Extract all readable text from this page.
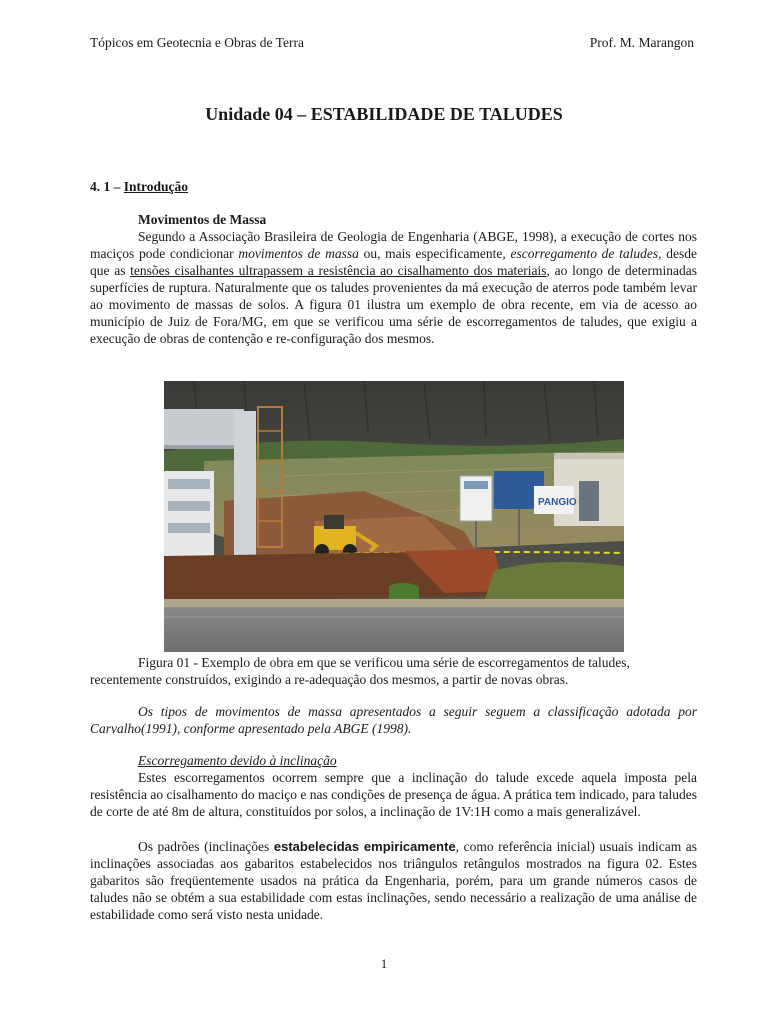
Tópicos em Geotecnia e Obras de Terra	Prof. M. Marangon
Unidade 04 – ESTABILIDADE DE TALUDES
4. 1 – Introdução
Movimentos de Massa
Segundo a Associação Brasileira de Geologia de Engenharia (ABGE, 1998), a execução de cortes nos maciços pode condicionar movimentos de massa ou, mais especificamente, escorregamento de taludes, desde que as tensões cisalhantes ultrapassem a resistência ao cisalhamento dos materiais, ao longo de determinadas superfícies de ruptura. Naturalmente que os taludes provenientes da má execução de aterros pode também levar ao movimento de massas de solos. A figura 01 ilustra um exemplo de obra recente, em via de acesso ao município de Juiz de Fora/MG, em que se verificou uma série de escorregamentos de taludes, que exigiu a execução de obras de contenção e re-configuração dos mesmos.
PANGIO
Figura 01 - Exemplo de obra em que se verificou uma série de escorregamentos de taludes,
recentemente construídos, exigindo a re-adequação dos mesmos, a partir de novas obras.
Os tipos de movimentos de massa apresentados a seguir seguem a classificação adotada por Carvalho(1991), conforme apresentado pela ABGE (1998).
Escorregamento devido à inclinação
Estes escorregamentos ocorrem sempre que a inclinação do talude excede aquela imposta pela resistência ao cisalhamento do maciço e nas condições de presença de água. A prática tem indicado, para taludes de corte de até 8m de altura, constituídos por solos, a inclinação de 1V:1H como a mais generalizável.
Os padrões (inclinações estabelecidas empiricamente, como referência inicial) usuais indicam as inclinações associadas aos gabaritos estabelecidos nos triângulos retângulos mostrados na figura 02. Estes gabaritos são freqüentemente usados na prática da Engenharia, porém, para um grande números casos de taludes não se obtém a sua estabilidade com estas inclinações, sendo necessário a realização de uma análise de estabilidade como será visto nesta unidade.
1
